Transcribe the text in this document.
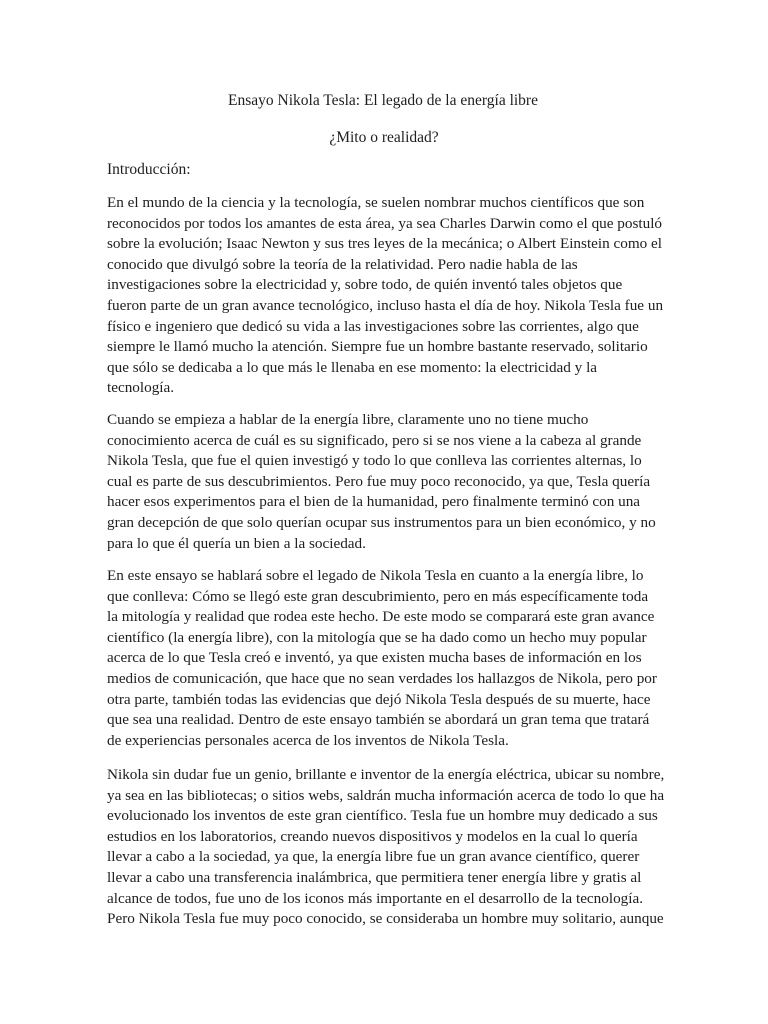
Ensayo Nikola Tesla: El legado de la energía libre
¿Mito o realidad?
Introducción:
En el mundo de la ciencia y la tecnología, se suelen nombrar muchos científicos que son
reconocidos por todos los amantes de esta área, ya sea Charles Darwin como el que postuló
sobre la evolución; Isaac Newton y sus tres leyes de la mecánica; o Albert Einstein como el
conocido que divulgó sobre la teoría de la relatividad. Pero nadie habla de las
investigaciones sobre la electricidad y, sobre todo, de quién inventó tales objetos que
fueron parte de un gran avance tecnológico, incluso hasta el día de hoy. Nikola Tesla fue un
físico e ingeniero que dedicó su vida a las investigaciones sobre las corrientes, algo que
siempre le llamó mucho la atención. Siempre fue un hombre bastante reservado, solitario
que sólo se dedicaba a lo que más le llenaba en ese momento: la electricidad y la
tecnología.
Cuando se empieza a hablar de la energía libre, claramente uno no tiene mucho
conocimiento acerca de cuál es su significado, pero si se nos viene a la cabeza al grande
Nikola Tesla, que fue el quien investigó y todo lo que conlleva las corrientes alternas, lo
cual es parte de sus descubrimientos. Pero fue muy poco reconocido, ya que, Tesla quería
hacer esos experimentos para el bien de la humanidad, pero finalmente terminó con una
gran decepción de que solo querían ocupar sus instrumentos para un bien económico, y no
para lo que él quería un bien a la sociedad.
En este ensayo se hablará sobre el legado de Nikola Tesla en cuanto a la energía libre, lo
que conlleva: Cómo se llegó este gran descubrimiento, pero en más específicamente toda
la mitología y realidad que rodea este hecho. De este modo se comparará este gran avance
científico (la energía libre), con la mitología que se ha dado como un hecho muy popular
acerca de lo que Tesla creó e inventó, ya que existen mucha bases de información en los
medios de comunicación, que hace que no sean verdades los hallazgos de Nikola, pero por
otra parte, también todas las evidencias que dejó Nikola Tesla después de su muerte, hace
que sea una realidad. Dentro de este ensayo también se abordará un gran tema que tratará
de experiencias personales acerca de los inventos de Nikola Tesla.
Nikola sin dudar fue un genio, brillante e inventor de la energía eléctrica, ubicar su nombre,
ya sea en las bibliotecas; o sitios webs, saldrán mucha información acerca de todo lo que ha
evolucionado los inventos de este gran científico. Tesla fue un hombre muy dedicado a sus
estudios en los laboratorios, creando nuevos dispositivos y modelos en la cual lo quería
llevar a cabo a la sociedad, ya que, la energía libre fue un gran avance científico, querer
llevar a cabo una transferencia inalámbrica, que permitiera tener energía libre y gratis al
alcance de todos, fue uno de los iconos más importante en el desarrollo de la tecnología.
Pero Nikola Tesla fue muy poco conocido, se consideraba un hombre muy solitario, aunque
